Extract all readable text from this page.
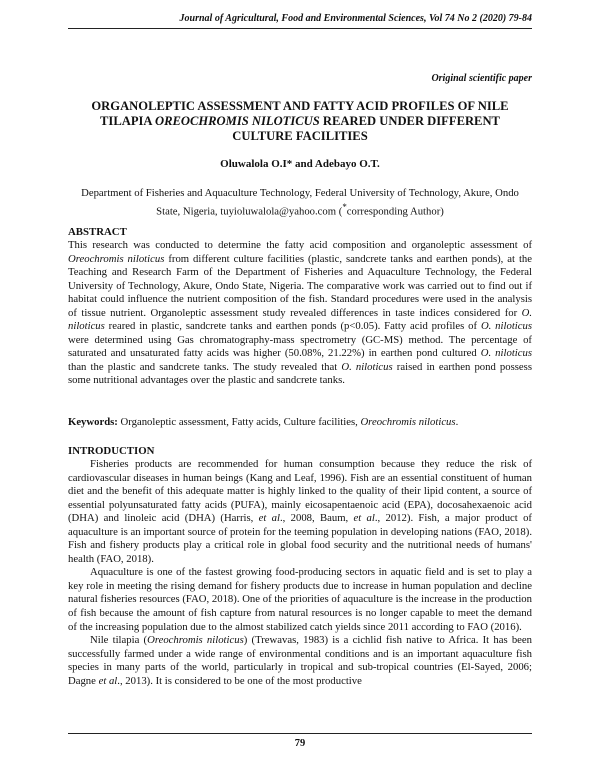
Journal of Agricultural, Food and Environmental Sciences, Vol 74 No 2 (2020) 79-84
Original scientific paper
ORGANOLEPTIC ASSESSMENT AND FATTY ACID PROFILES OF NILE TILAPIA OREOCHROMIS NILOTICUS REARED UNDER DIFFERENT CULTURE FACILITIES
Oluwalola O.I* and Adebayo O.T.
Department of Fisheries and Aquaculture Technology, Federal University of Technology, Akure, Ondo State, Nigeria, tuyioluwalola@yahoo.com (*corresponding Author)
ABSTRACT

This research was conducted to determine the fatty acid composition and organoleptic assessment of Oreochromis niloticus from different culture facilities (plastic, sandcrete tanks and earthen ponds), at the Teaching and Research Farm of the Department of Fisheries and Aquaculture Technology, the Federal University of Technology, Akure, Ondo State, Nigeria. The comparative work was carried out to find out if habitat could influence the nutrient composition of the fish. Standard procedures were used in the analysis of tissue nutrient. Organoleptic assessment study revealed differences in taste indices considered for O. niloticus reared in plastic, sandcrete tanks and earthen ponds (p<0.05). Fatty acid profiles of O. niloticus were determined using Gas chromatography-mass spectrometry (GC-MS) method. The percentage of saturated and unsaturated fatty acids was higher (50.08%, 21.22%) in earthen pond cultured O. niloticus than the plastic and sandcrete tanks. The study revealed that O. niloticus raised in earthen pond possess some nutritional advantages over the plastic and sandcrete tanks.

Keywords: Organoleptic assessment, Fatty acids, Culture facilities, Oreochromis niloticus.

INTRODUCTION

Fisheries products are recommended for human consumption because they reduce the risk of cardiovascular diseases in human beings (Kang and Leaf, 1996). Fish are an essential constituent of human diet and the benefit of this adequate matter is highly linked to the quality of their lipid content, a source of essential polyunsaturated fatty acids (PUFA), mainly eicosapentaenoic acid (EPA), docosahexaenoic acid (DHA) and linoleic acid (DHA) (Harris, et al., 2008, Baum, et al., 2012). Fish, a major product of aquaculture is an important source of protein for the teeming population in developing nations (FAO, 2018). Fish and fishery products play a critical role in global food security and the nutritional needs of humans' health (FAO, 2018).

Aquaculture is one of the fastest growing food-producing sectors in aquatic field and is set to play a key role in meeting the rising demand for fishery products due to increase in human population and decline natural fisheries resources (FAO, 2018). One of the priorities of aquaculture is the increase in the production of fish because the amount of fish capture from natural resources is no longer capable to meet the demand of the increasing population due to the almost stabilized catch yields since 2011 according to FAO (2016).

Nile tilapia (Oreochromis niloticus) (Trewavas, 1983) is a cichlid fish native to Africa. It has been successfully farmed under a wide range of environmental conditions and is an important aquaculture fish species in many parts of the world, particularly in tropical and sub-tropical countries (El-Sayed, 2006; Dagne et al., 2013). It is considered to be one of the most productive

79
